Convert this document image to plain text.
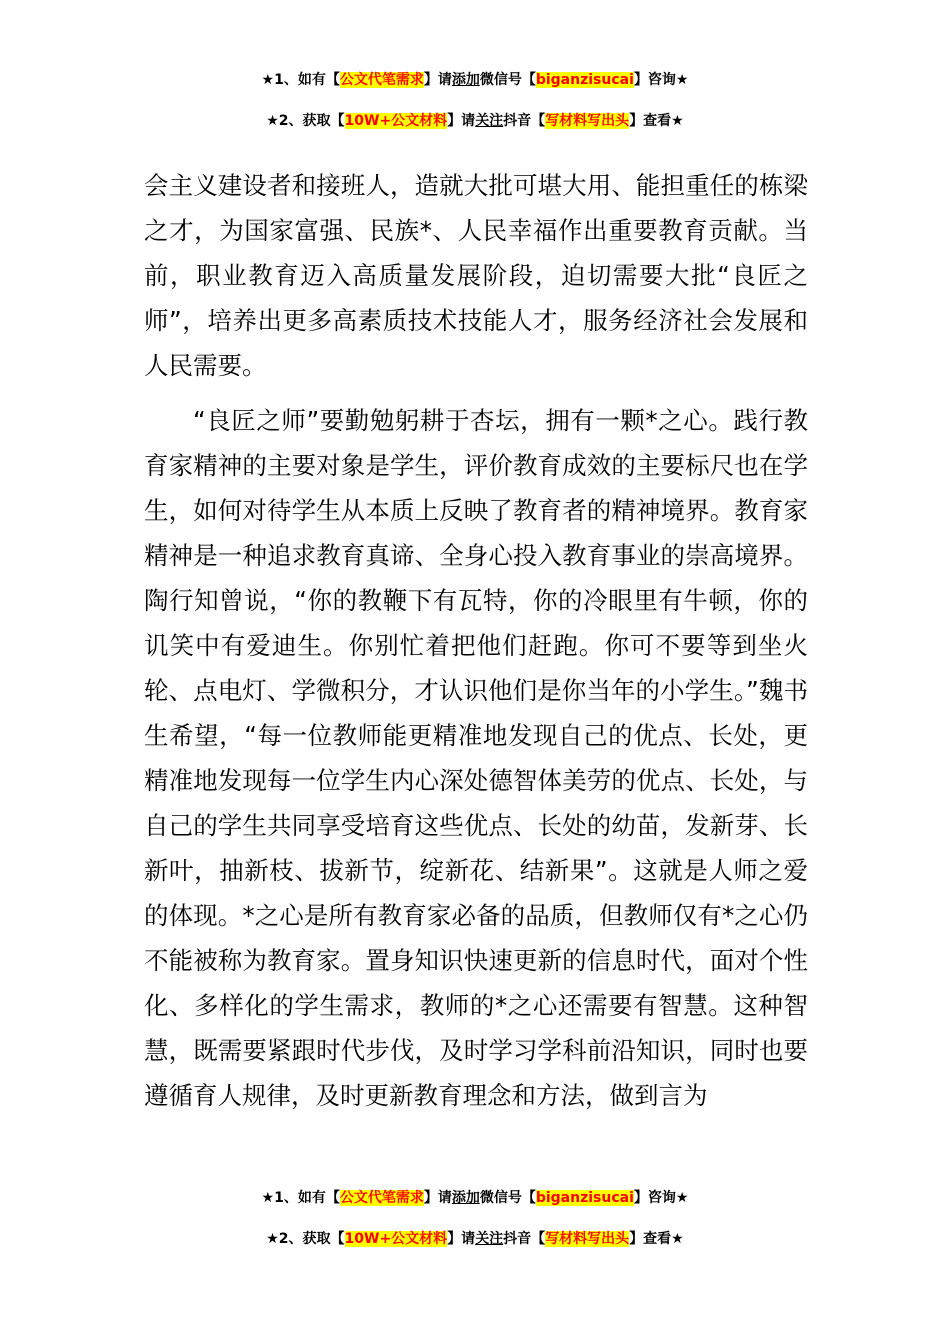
★1、如有【公文代笔需求】请添加微信号【biganzisucai】咨询★
★2、获取【10W+公文材料】请关注抖音【写材料写出头】查看★

会主义建设者和接班人，造就大批可堪大用、能担重任的栋梁之才，为国家富强、民族*、人民幸福作出重要教育贡献。当前，职业教育迈入高质量发展阶段，迫切需要大批“良匠之师”，培养出更多高素质技术技能人才，服务经济社会发展和人民需要。

“良匠之师”要勤勉躬耕于杏坛，拥有一颗*之心。践行教育家精神的主要对象是学生，评价教育成效的主要标尺也在学生，如何对待学生从本质上反映了教育者的精神境界。教育家精神是一种追求教育真谛、全身心投入教育事业的崇高境界。陶行知曾说，“你的教鞭下有瓦特，你的冷眼里有牛顿，你的讥笑中有爱迪生。你别忙着把他们赶跑。你可不要等到坐火轮、点电灯、学微积分，才认识他们是你当年的小学生。”魏书生希望，“每一位教师能更精准地发现自己的优点、长处，更精准地发现每一位学生内心深处德智体美劳的优点、长处，与自己的学生共同享受培育这些优点、长处的幼苗，发新芽、长新叶，抽新枝、拔新节，绽新花、结新果”。这就是人师之爱的体现。*之心是所有教育家必备的品质，但教师仅有*之心仍不能被称为教育家。置身知识快速更新的信息时代，面对个性化、多样化的学生需求，教师的*之心还需要有智慧。这种智慧，既需要紧跟时代步伐，及时学习学科前沿知识，同时也要遵循育人规律，及时更新教育理念和方法，做到言为

★1、如有【公文代笔需求】请添加微信号【biganzisucai】咨询★
★2、获取【10W+公文材料】请关注抖音【写材料写出头】查看★
